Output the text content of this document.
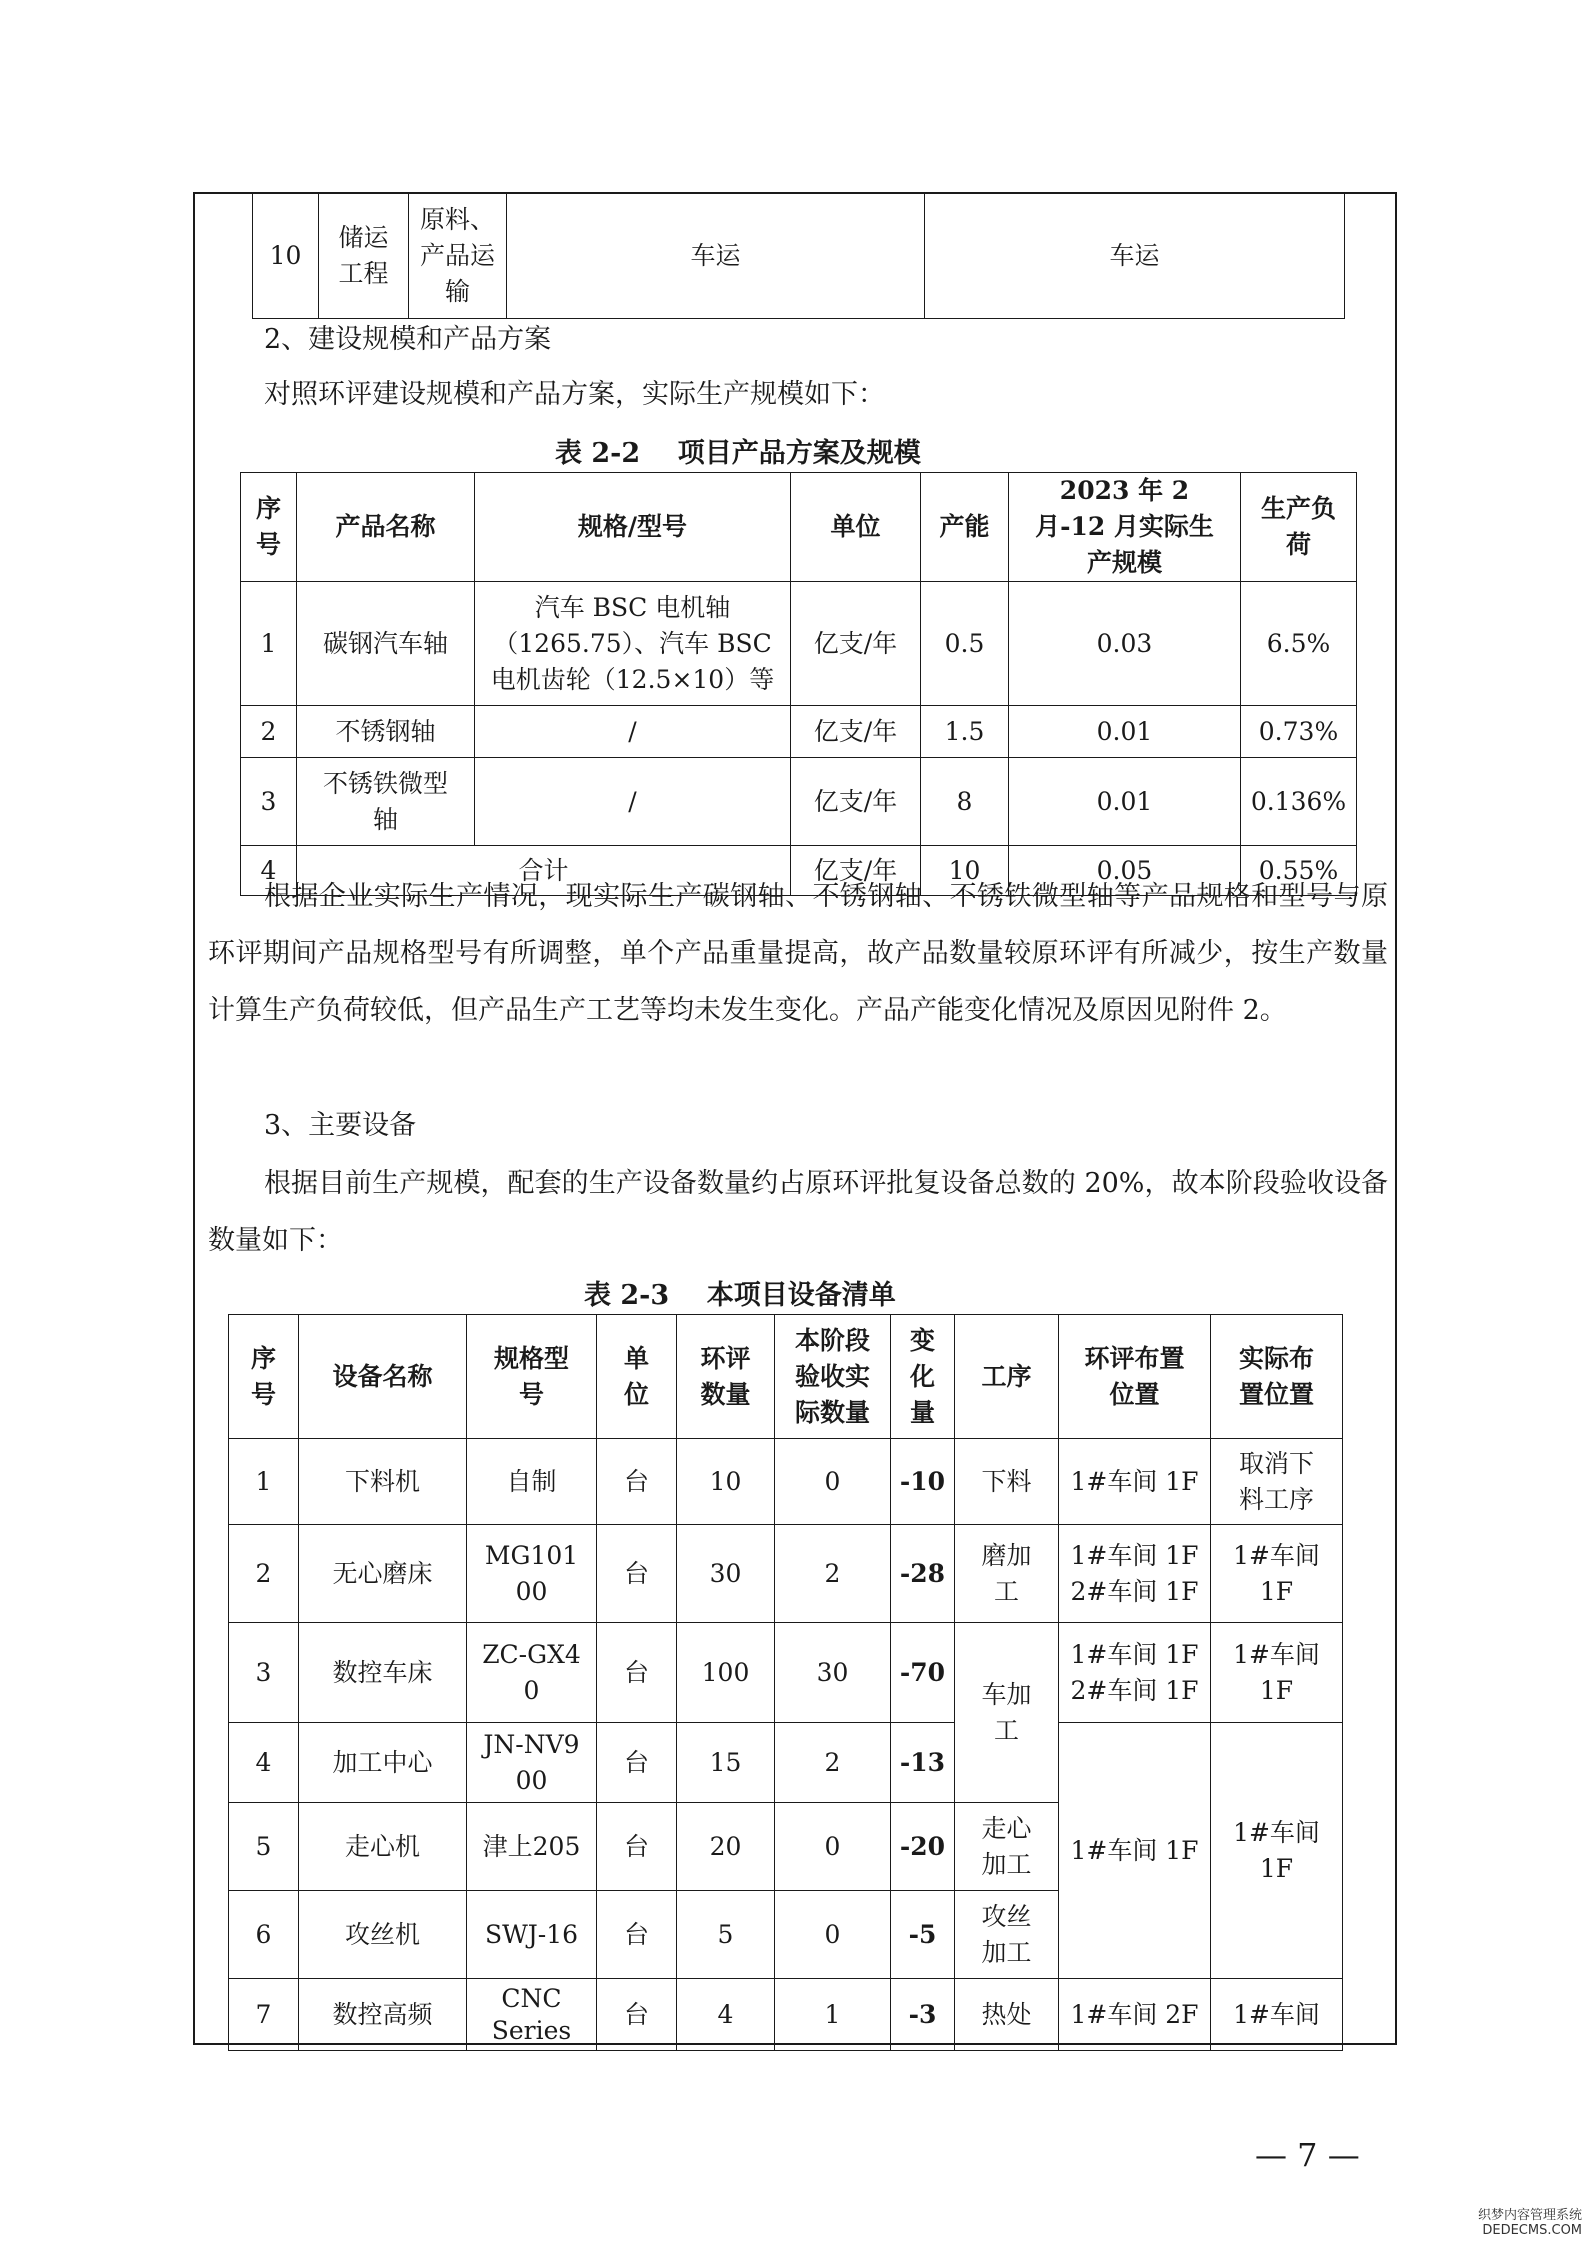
10	储运工程	原料、产品运输	车运	车运
2、建设规模和产品方案
对照环评建设规模和产品方案，实际生产规模如下：
表 2-2    项目产品方案及规模
序号	产品名称	规格/型号	单位	产能	2023 年 2 月-12 月实际生产规模	生产负荷
1	碳钢汽车轴	汽车 BSC 电机轴（1265.75）、汽车 BSC 电机齿轮（12.5×10）等	亿支/年	0.5	0.03	6.5%
2	不锈钢轴	/	亿支/年	1.5	0.01	0.73%
3	不锈铁微型轴	/	亿支/年	8	0.01	0.136%
4	合计		亿支/年	10	0.05	0.55%
根据企业实际生产情况，现实际生产碳钢轴、不锈钢轴、不锈铁微型轴等产品规格和型号与原环评期间产品规格型号有所调整，单个产品重量提高，故产品数量较原环评有所减少，按生产数量计算生产负荷较低，但产品生产工艺等均未发生变化。产品产能变化情况及原因见附件 2。
3、主要设备
根据目前生产规模，配套的生产设备数量约占原环评批复设备总数的 20%，故本阶段验收设备数量如下：
表 2-3    本项目设备清单
序号	设备名称	规格型号	单位	环评数量	本阶段验收实际数量	变化量	工序	环评布置位置	实际布置位置	
1	下料机	自制	台	10	0	-10	下料	1#车间 1F	取消下料工序	
2	无心磨床	MG10100	台	30	2	-28	磨加工	1#车间 1F 2#车间 1F	1#车间 1F	
3	数控车床	ZC-GX40	台	100	30	-70	车加工	1#车间 1F 2#车间 1F	1#车间 1F	
4	加工中心	JN-NV900	台	15	2	-13		1#车间 1F	1#车间 1F	
5	走心机	津上205	台	20	0	-20	走心加工			
6	攻丝机	SWJ-16	台	5	0	-5	攻丝加工			
7	数控高频	CNC Series	台	4	1	-3	热处	1#车间 2F	1#车间	
— 7 —
织梦内容管理系统
DEDECMS.COM
